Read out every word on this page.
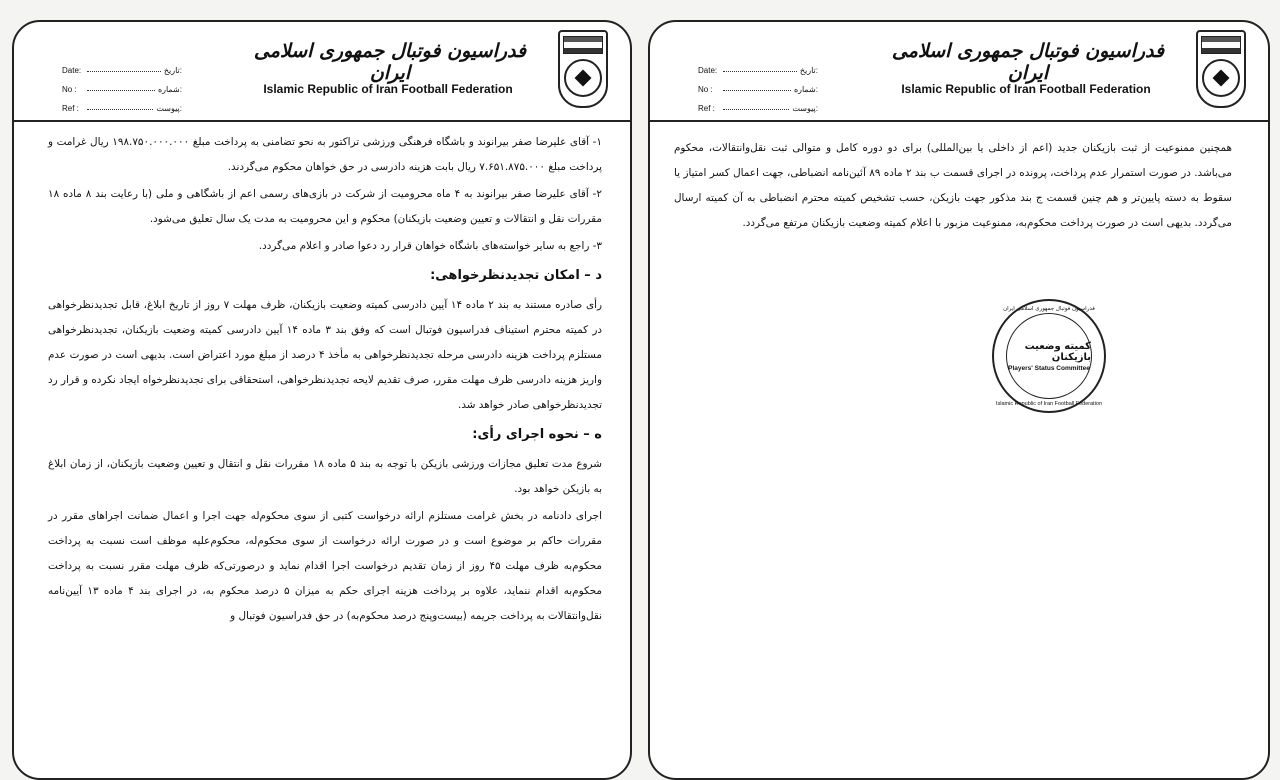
Date:	تاریخ:
No :	شماره:
Ref :	پیوست:
فدراسیون فوتبال جمهوری اسلامی ایران
Islamic Republic of Iran Football Federation

۱- آقای علیرضا صفر بیرانوند و باشگاه فرهنگی ورزشی تراکتور به نحو تضامنی به پرداخت مبلغ ۱۹۸.۷۵۰.۰۰۰.۰۰۰ ریال غرامت و پرداخت مبلغ ۷.۶۵۱.۸۷۵.۰۰۰ ریال بابت هزینه دادرسی در حق خواهان محکوم می‌گردند.

۲- آقای علیرضا صفر بیرانوند به ۴ ماه محرومیت از شرکت در بازی‌های رسمی اعم از باشگاهی و ملی (با رعایت بند ۸ ماده ۱۸ مقررات نقل و انتقالات و تعیین وضعیت بازیکنان) محکوم و این محرومیت به مدت یک سال تعلیق می‌شود.

۳- راجع به سایر خواسته‌های باشگاه خواهان قرار رد دعوا صادر و اعلام می‌گردد.

د – امکان تجدیدنظرخواهی:

رأی صادره مستند به بند ۲ ماده ۱۴ آیین دادرسی کمیته وضعیت بازیکنان، ظرف مهلت ۷ روز از تاریخ ابلاغ، قابل تجدیدنظرخواهی در کمیته محترم استیناف فدراسیون فوتبال است که وفق بند ۳ ماده ۱۴ آیین دادرسی کمیته وضعیت بازیکنان، تجدیدنظرخواهی مستلزم پرداخت هزینه دادرسی مرحله تجدیدنظرخواهی به مأخذ ۴ درصد از مبلغ مورد اعتراض است. بدیهی است در صورت عدم واریز هزینه دادرسی ظرف مهلت مقرر، صرف تقدیم لایحه تجدیدنظرخواهی، استحقاقی برای تجدیدنظرخواه ایجاد نکرده و قرار رد تجدیدنظرخواهی صادر خواهد شد.

ه – نحوه اجرای رأی:

شروع مدت تعلیق مجازات ورزشی بازیکن با توجه به بند ۵ ماده ۱۸ مقررات نقل و انتقال و تعیین وضعیت بازیکنان، از زمان ابلاغ به بازیکن خواهد بود.

اجرای دادنامه در بخش غرامت مستلزم ارائه درخواست کتبی از سوی محکوم‌له جهت اجرا و اعمال ضمانت اجراهای مقرر در مقررات حاکم بر موضوع است و در صورت ارائه درخواست از سوی محکوم‌له، محکوم‌علیه موظف است نسبت به پرداخت محکوم‌به ظرف مهلت ۴۵ روز از زمان تقدیم درخواست اجرا اقدام نماید و درصورتی‌که ظرف مهلت مقرر نسبت به پرداخت محکوم‌به اقدام ننماید، علاوه بر پرداخت هزینه اجرای حکم به میزان ۵ درصد محکوم به، در اجرای بند ۴ ماده ۱۳ آیین‌نامه نقل‌وانتقالات به پرداخت جریمه (بیست‌وپنج درصد محکوم‌به) در حق فدراسیون فوتبال و

Date:	تاریخ:
No :	شماره:
Ref :	پیوست:
فدراسیون فوتبال جمهوری اسلامی ایران
Islamic Republic of Iran Football Federation

همچنین ممنوعیت از ثبت بازیکنان جدید (اعم از داخلی یا بین‌المللی) برای دو دوره کامل و متوالی ثبت نقل‌وانتقالات، محکوم می‌باشد. در صورت استمرار عدم پرداخت، پرونده در اجرای قسمت ب بند ۲ ماده ۸۹ آئین‌نامه انضباطی، جهت اعمال کسر امتیاز یا سقوط به دسته پایین‌تر و هم چنین قسمت ج بند مذکور جهت بازیکن، حسب تشخیص کمیته محترم انضباطی به آن کمیته ارسال می‌گردد. بدیهی است در صورت پرداخت محکوم‌به، ممنوعیت مزبور با اعلام کمیته وضعیت بازیکنان مرتفع می‌گردد.

فدراسیون فوتبال جمهوری اسلامی ایران
کمیته وضعیت بازیکنان
Players' Status Committee
Islamic Republic of Iran Football Federation
